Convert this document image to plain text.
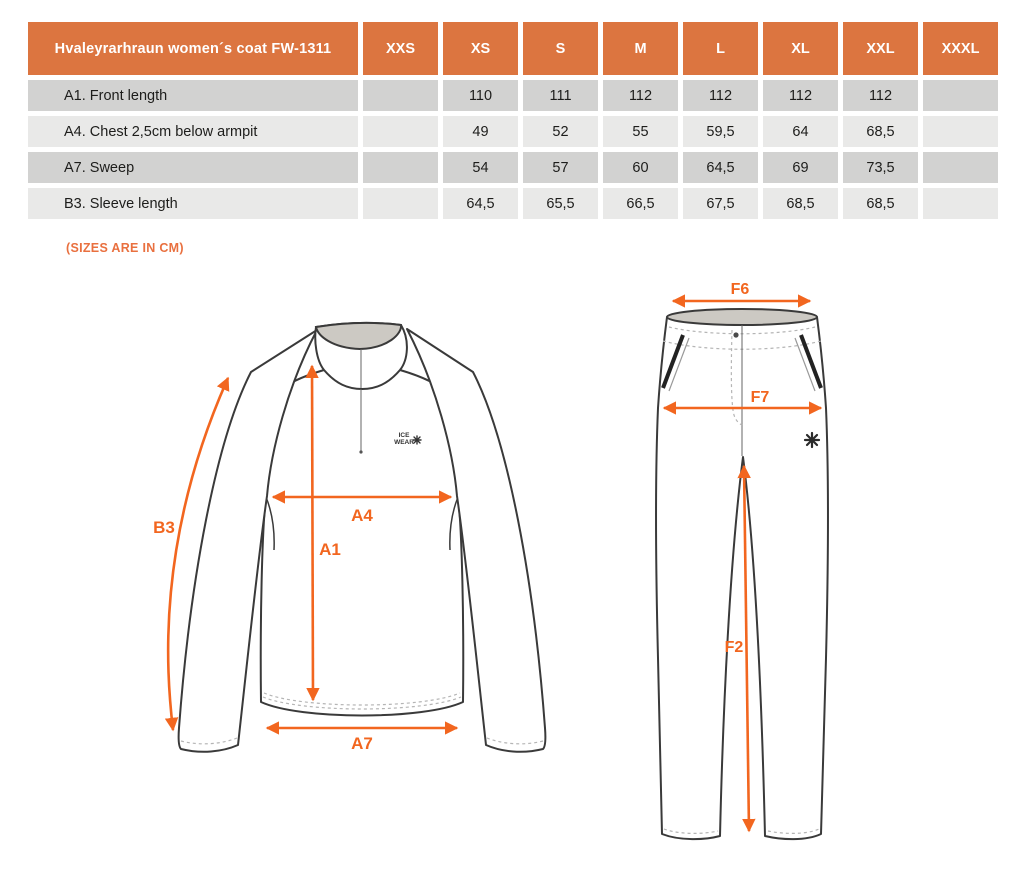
Hvaleyrarhraun women´s coat FW-1311	XXS	XS	S	M	L	XL	XXL	XXXL
A1. Front length		110	111	112	112	112	112	
A4. Chest 2,5cm below armpit		49	52	55	59,5	64	68,5	
A7. Sweep		54	57	60	64,5	69	73,5	
B3. Sleeve length		64,5	65,5	66,5	67,5	68,5	68,5	
(SIZES ARE IN CM)
ICE
WEAR
B3
A1
A4
A7
F6
F7
F2
